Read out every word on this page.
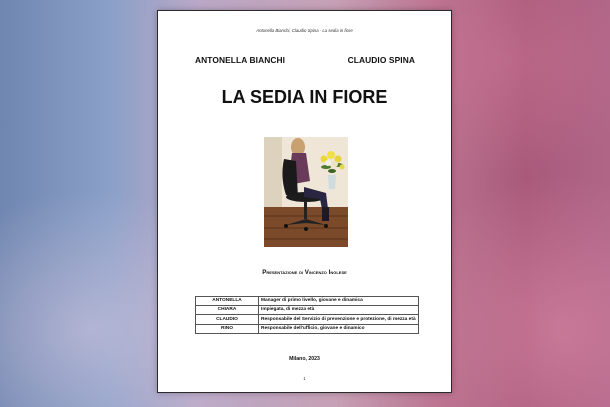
Antonella Bianchi, Claudio Spina - La sedia in fiore
ANTONELLA BIANCHI	CLAUDIO SPINA
LA SEDIA IN FIORE
Presentazione di Vincenzo Inglese
ANTONELLA	Manager di primo livello, giovane e dinamica
CHIARA	Impiegata, di mezza età
CLAUDIO	Responsabile del Servizio di prevenzione e protezione, di mezza età
RINO	Responsabile dell'ufficio, giovane e dinamico
Milano, 2023
1
